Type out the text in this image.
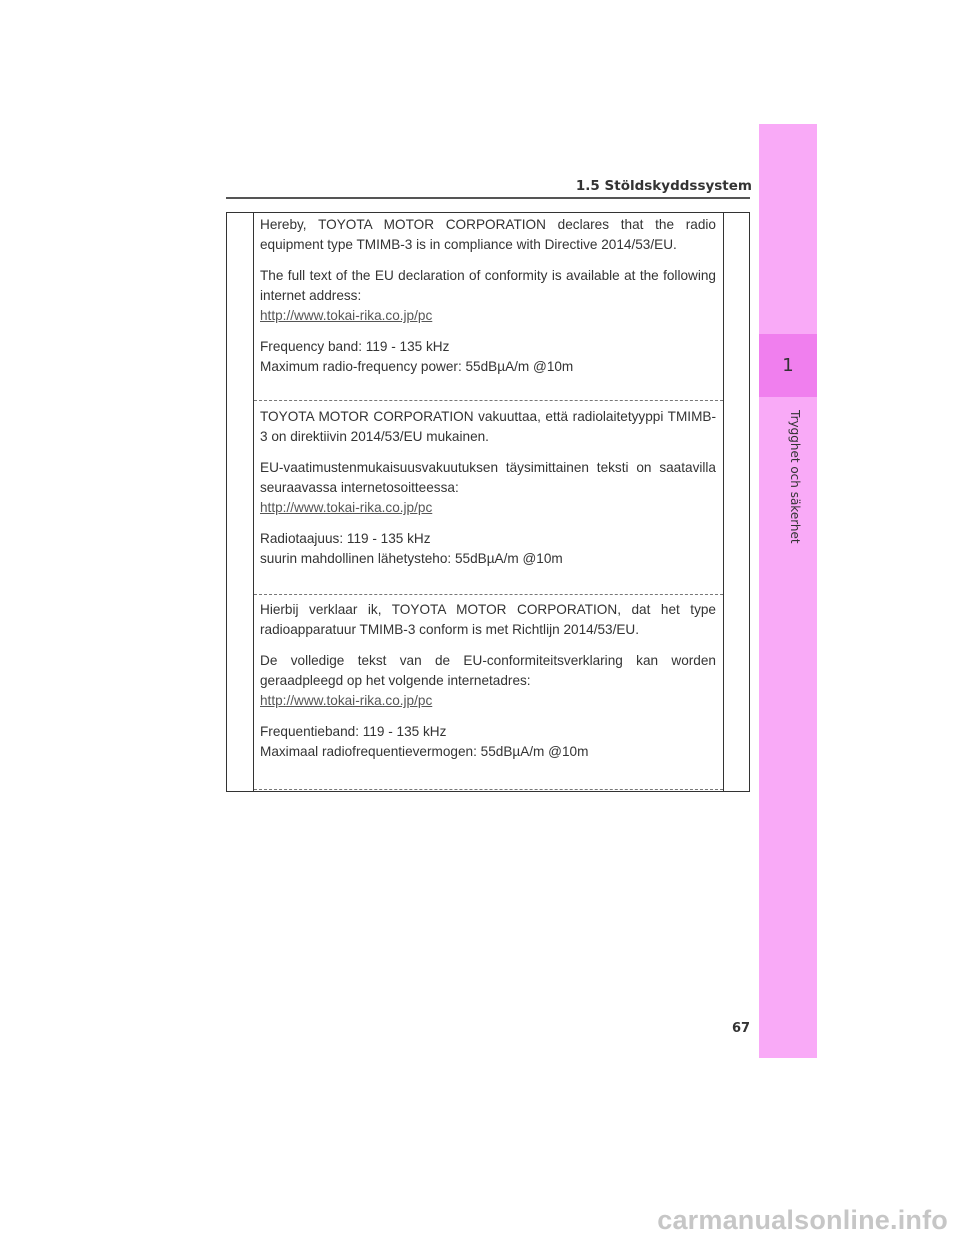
1
Trygghet och säkerhet
1.5 Stöldskyddssystem

Hereby, TOYOTA MOTOR CORPORATION declares that the radio equipment type TMIMB-3 is in compliance with Directive 2014/53/EU.

The full text of the EU declaration of conformity is available at the following internet address:

http://www.tokai-rika.co.jp/pc

Frequency band: 119 - 135 kHz

Maximum radio-frequency power: 55dBµA/m @10m

TOYOTA MOTOR CORPORATION vakuuttaa, että radiolaitetyyppi TMIMB-3 on direktiivin 2014/53/EU mukainen.

EU-vaatimustenmukaisuusvakuutuksen täysimittainen teksti on saatavilla seuraavassa internetosoitteessa:

http://www.tokai-rika.co.jp/pc

Radiotaajuus: 119 - 135 kHz

suurin mahdollinen lähetysteho: 55dBµA/m @10m

Hierbij verklaar ik, TOYOTA MOTOR CORPORATION, dat het type radioapparatuur TMIMB-3 conform is met Richtlijn 2014/53/EU.

De volledige tekst van de EU-conformiteitsverklaring kan worden geraadpleegd op het volgende internetadres:

http://www.tokai-rika.co.jp/pc

Frequentieband: 119 - 135 kHz

Maximaal radiofrequentievermogen: 55dBµA/m @10m

67
carmanualsonline.info
